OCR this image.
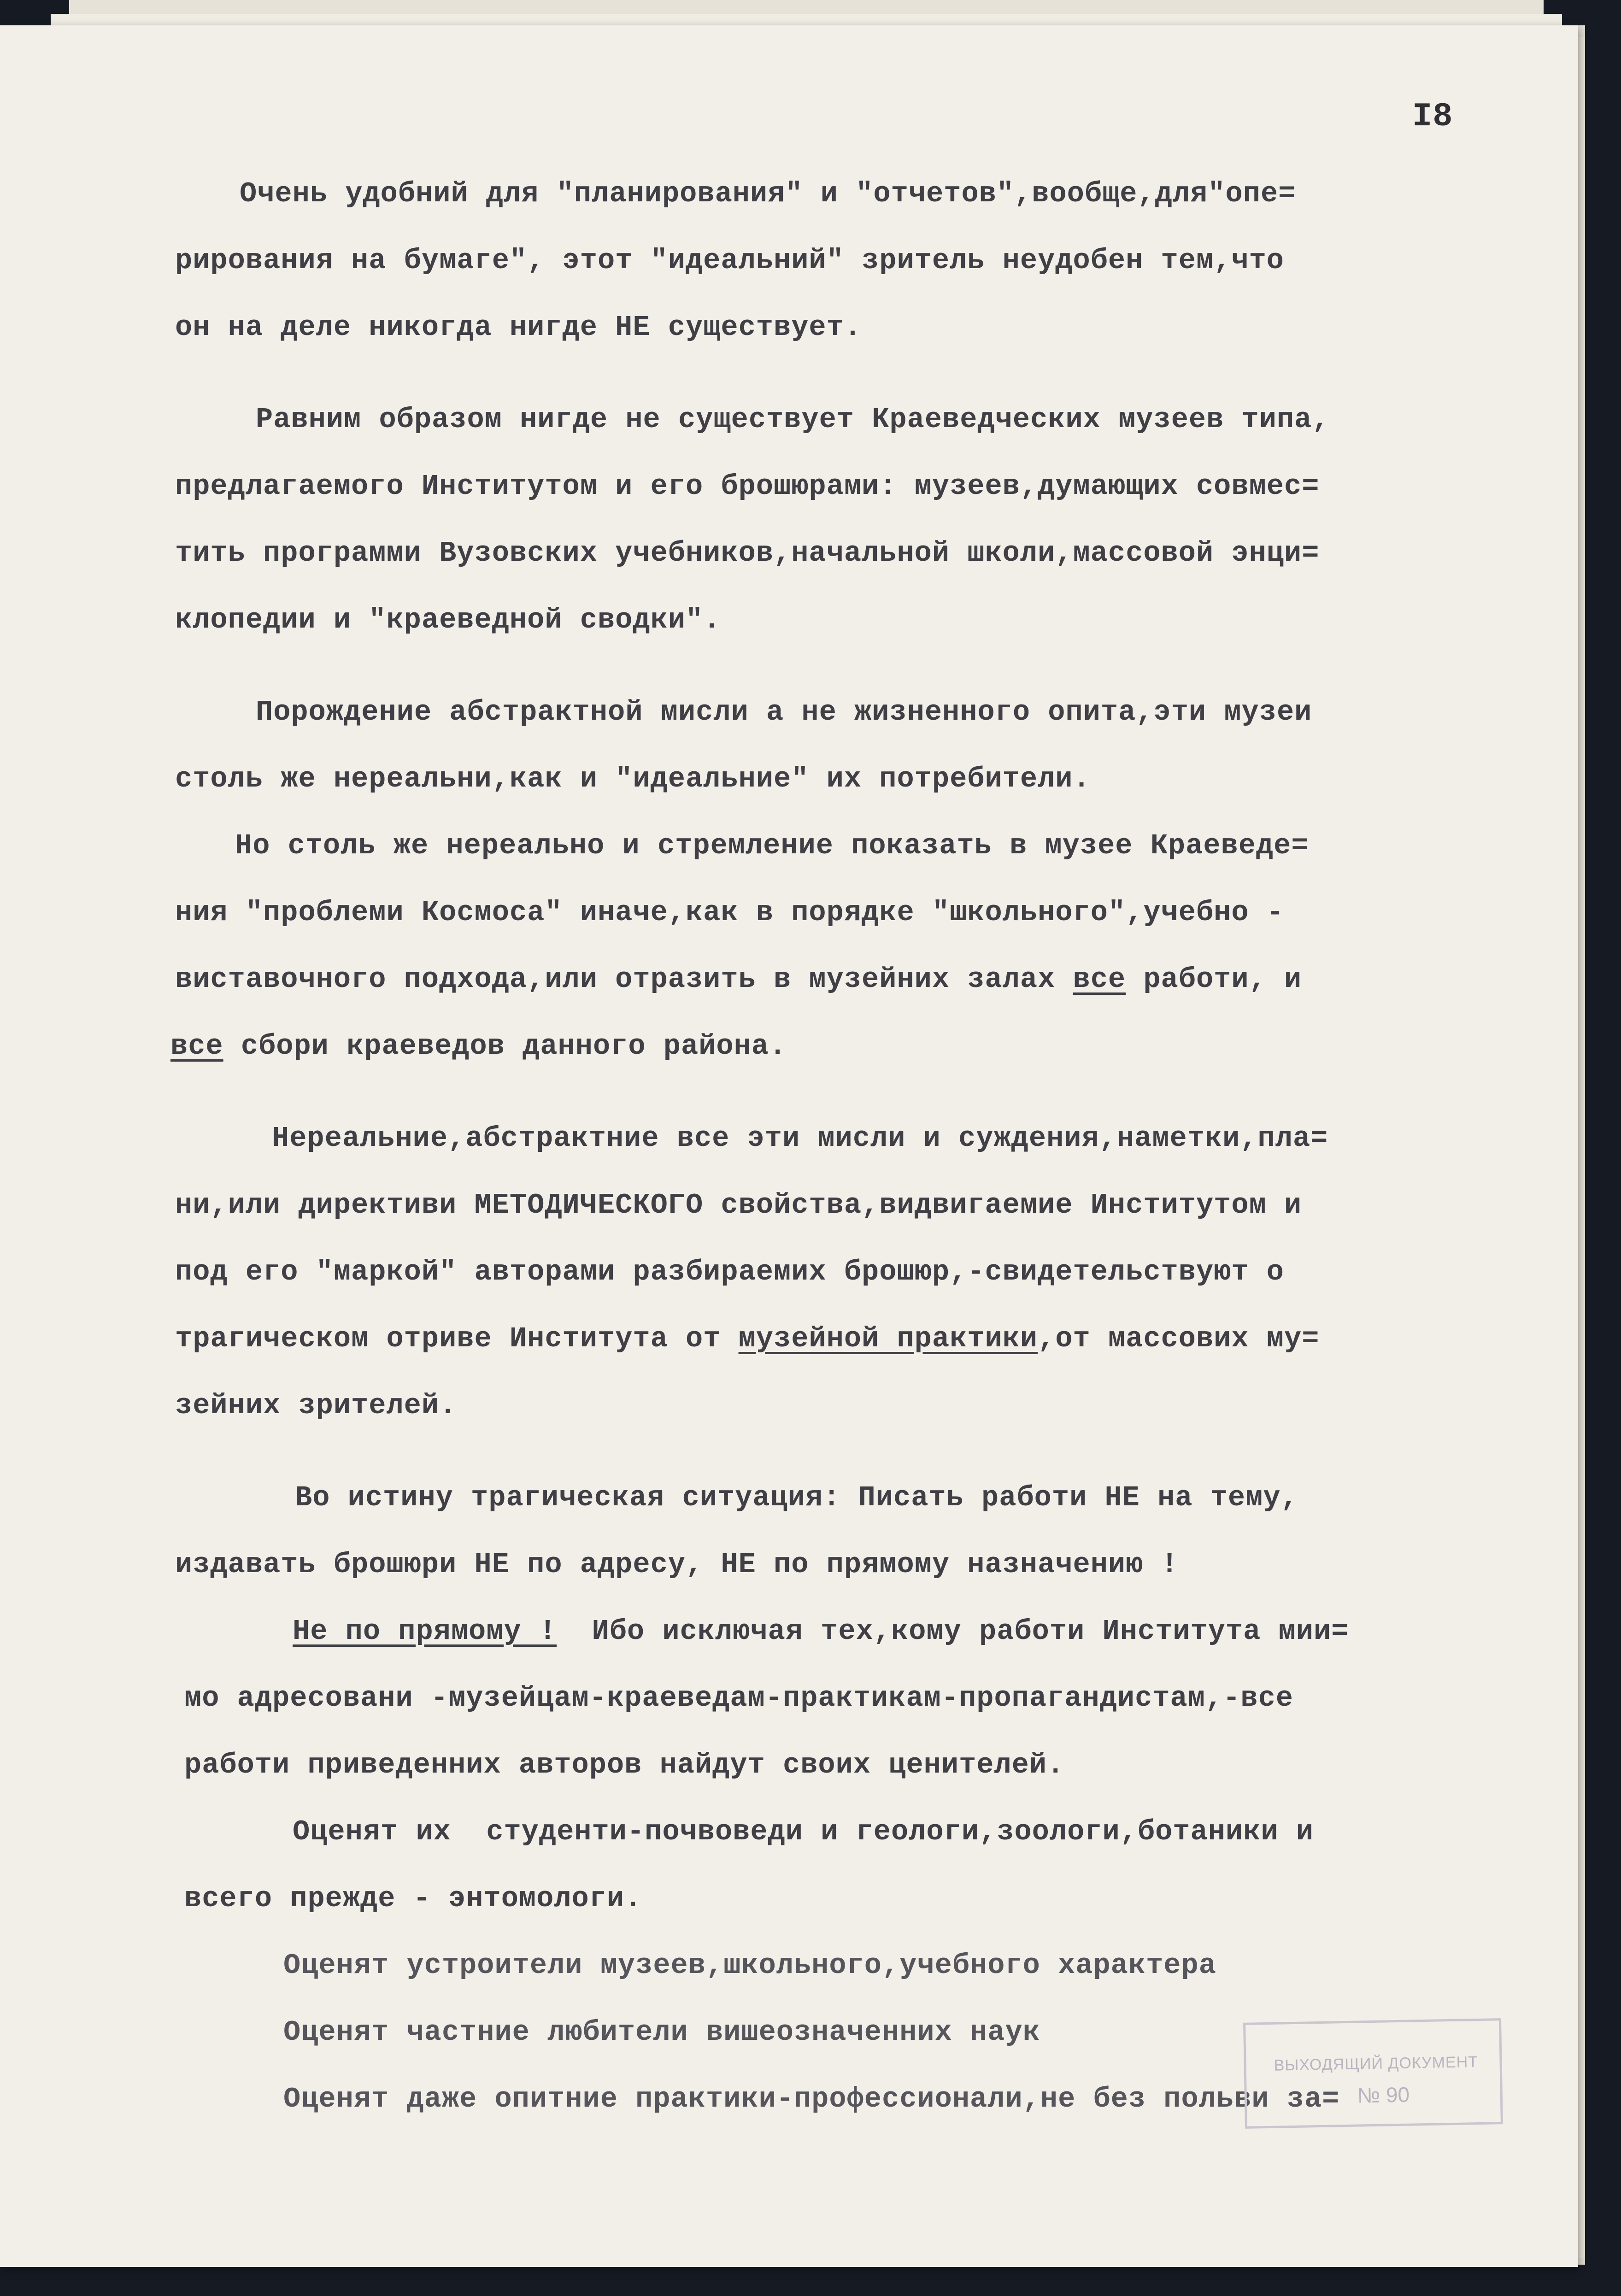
I8
Очень удобний для "планирования" и "отчетов",вообще,для"опе=
рирования на бумаге", этот "идеальний" зритель неудобен тем,что
он на деле никогда нигде НЕ существует.
Равним образом нигде не существует Краеведческих музеев типа,
предлагаемого Институтом и его брошюрами: музеев,думающих совмес=
тить программи Вузовских учебников,начальной школи,массовой энци=
клопедии и "краеведной сводки".
Порождение абстрактной мисли а не жизненного опита,эти музеи
столь же нереальни,как и "идеальние" их потребители.
Но столь же нереально и стремление показать в музее Краеведе=
ния "проблеми Космоса" иначе,как в порядке "школьного",учебно -
виставочного подхода,или отразить в музейних залах все работи, и
все сбори краеведов данного района.
Нереальние,абстрактние все эти мисли и суждения,наметки,пла=
ни,или директиви МЕТОДИЧЕСКОГО свойства,видвигаемие Институтом и
под его "маркой" авторами разбираемих брошюр,-свидетельствуют о
трагическом отриве Института от музейной практики,от массових му=
зейних зрителей.
Во истину трагическая ситуация: Писать работи НЕ на тему,
издавать брошюри НЕ по адресу, НЕ по прямому назначению !
Не по прямому !  Ибо исключая тех,кому работи Института мии=
мо адресовани -музейцам-краеведам-практикам-пропагандистам,-все
работи приведенних авторов найдут своих ценителей.
Оценят их  студенти-почвоведи и геологи,зоологи,ботаники и
всего прежде - энтомологи.
Оценят устроители музеев,школьного,учебного характера
Оценят частние любители вишеозначенних наук
Оценят даже опитние практики-профессионали,не без польви за=
ВЫХОДЯЩИЙ ДОКУМЕНТ
№ 90
